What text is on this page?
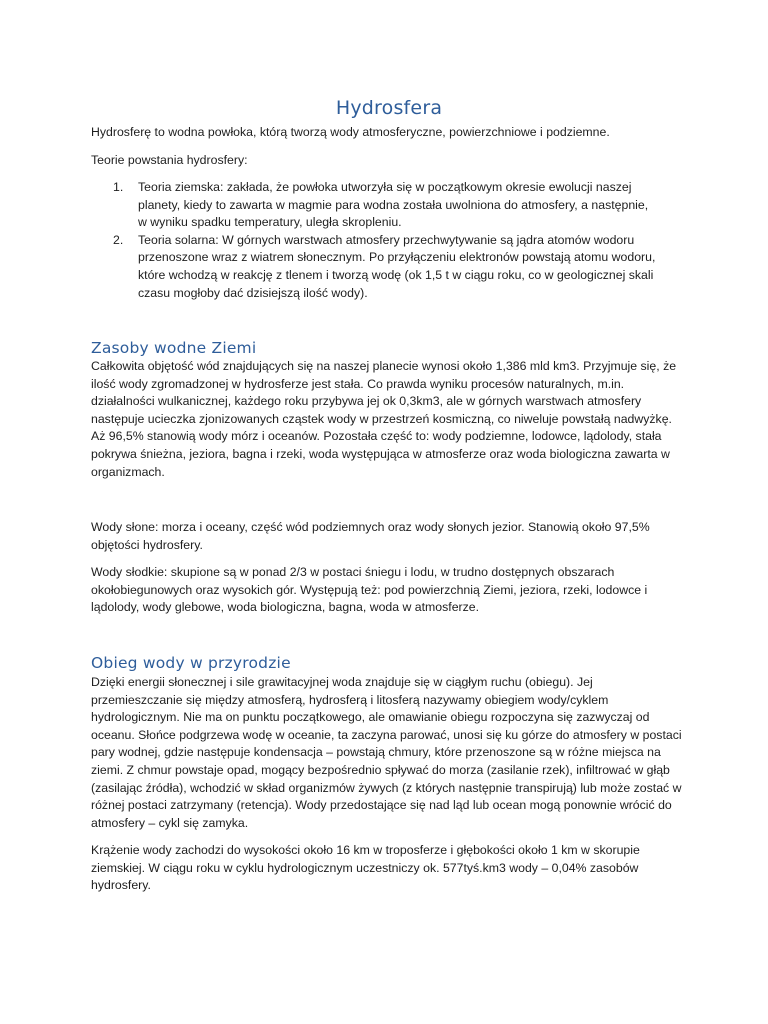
Hydrosfera

Hydrosferę to wodna powłoka, którą tworzą wody atmosferyczne, powierzchniowe i podziemne.

Teorie powstania hydrosfery:

1. Teoria ziemska: zakłada, że powłoka utworzyła się w początkowym okresie ewolucji naszej planety, kiedy to zawarta w magmie para wodna została uwolniona do atmosfery, a następnie, w wyniku spadku temperatury, uległa skropleniu.
2. Teoria solarna: W górnych warstwach atmosfery przechwytywanie są jądra atomów wodoru przenoszone wraz z wiatrem słonecznym. Po przyłączeniu elektronów powstają atomu wodoru, które wchodzą w reakcję z tlenem i tworzą wodę (ok 1,5 t w ciągu roku, co w geologicznej skali czasu mogłoby dać dzisiejszą ilość wody).
Zasoby wodne Ziemi

Całkowita objętość wód znajdujących się na naszej planecie wynosi około 1,386 mld km3. Przyjmuje się, że ilość wody zgromadzonej w hydrosferze jest stała. Co prawda wyniku procesów naturalnych, m.in. działalności wulkanicznej, każdego roku przybywa jej ok 0,3km3, ale w górnych warstwach atmosfery następuje ucieczka zjonizowanych cząstek wody w przestrzeń kosmiczną, co niweluje powstałą nadwyżkę. Aż 96,5% stanowią wody mórz i oceanów. Pozostała część to: wody podziemne, lodowce, lądolody, stała pokrywa śnieżna, jeziora, bagna i rzeki, woda występująca w atmosferze oraz woda biologiczna zawarta w organizmach.

Wody słone: morza i oceany, część wód podziemnych oraz wody słonych jezior. Stanowią około 97,5% objętości hydrosfery.

Wody słodkie: skupione są w ponad 2/3 w postaci śniegu i lodu, w trudno dostępnych obszarach okołobiegunowych oraz wysokich gór. Występują też: pod powierzchnią Ziemi, jeziora, rzeki, lodowce i lądolody, wody glebowe, woda biologiczna, bagna, woda w atmosferze.

Obieg wody w przyrodzie

Dzięki energii słonecznej i sile grawitacyjnej woda znajduje się w ciągłym ruchu (obiegu). Jej przemieszczanie się między atmosferą, hydrosferą i litosferą nazywamy obiegiem wody/cyklem hydrologicznym. Nie ma on punktu początkowego, ale omawianie obiegu rozpoczyna się zazwyczaj od oceanu. Słońce podgrzewa wodę w oceanie, ta zaczyna parować, unosi się ku górze do atmosfery w postaci pary wodnej, gdzie następuje kondensacja – powstają chmury, które przenoszone są w różne miejsca na ziemi. Z chmur powstaje opad, mogący bezpośrednio spływać do morza (zasilanie rzek), infiltrować w głąb (zasilając źródła), wchodzić w skład organizmów żywych (z których następnie transpirują) lub może zostać w różnej postaci zatrzymany (retencja). Wody przedostające się nad ląd lub ocean mogą ponownie wrócić do atmosfery – cykl się zamyka.

Krążenie wody zachodzi do wysokości około 16 km w troposferze i głębokości około 1 km w skorupie ziemskiej. W ciągu roku w cyklu hydrologicznym uczestniczy ok. 577tyś.km3 wody – 0,04% zasobów hydrosfery.
